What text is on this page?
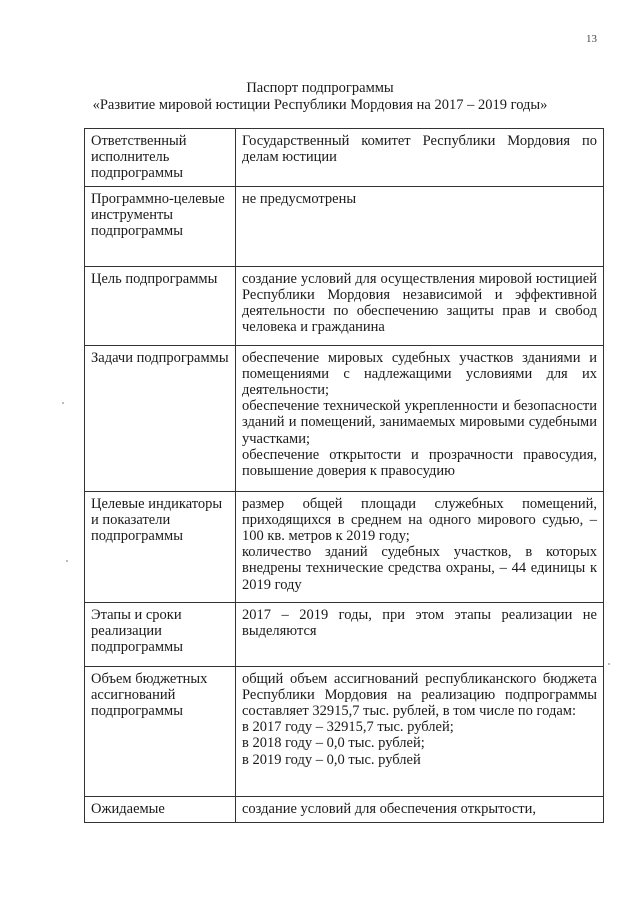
13
Паспорт подпрограммы
«Развитие мировой юстиции Республики Мордовия на 2017 – 2019 годы»
Ответственный исполнитель подпрограммы	Государственный комитет Республики Мордовия по делам юстиции

Программно-целевые инструменты подпрограммы	не предусмотрены

Цель подпрограммы	создание условий для осуществления мировой юстицией Республики Мордовия независимой и эффективной деятельности по обеспечению защиты прав и свобод человека и гражданина

Задачи подпрограммы	обеспечение мировых судебных участков зданиями и помещениями с надлежащими условиями для их деятельности;
обеспечение технической укрепленности и безопасности зданий и помещений, занимаемых мировыми судебными участками;
обеспечение открытости и прозрачности правосудия, повышение доверия к правосудию

Целевые индикаторы и показатели подпрограммы	размер общей площади служебных помещений, приходящихся в среднем на одного мирового судью, – 100 кв. метров к 2019 году;
количество зданий судебных участков, в которых внедрены технические средства охраны, – 44 единицы к 2019 году

Этапы и сроки реализации подпрограммы	2017 – 2019 годы, при этом этапы реализации не выделяются

Объем бюджетных ассигнований подпрограммы	общий объем ассигнований республиканского бюджета Республики Мордовия на реализацию подпрограммы составляет 32915,7 тыс. рублей, в том числе по годам:
в 2017 году – 32915,7 тыс. рублей;
в 2018 году – 0,0 тыс. рублей;
в 2019 году – 0,0 тыс. рублей

Ожидаемые	создание условий для обеспечения открытости,
